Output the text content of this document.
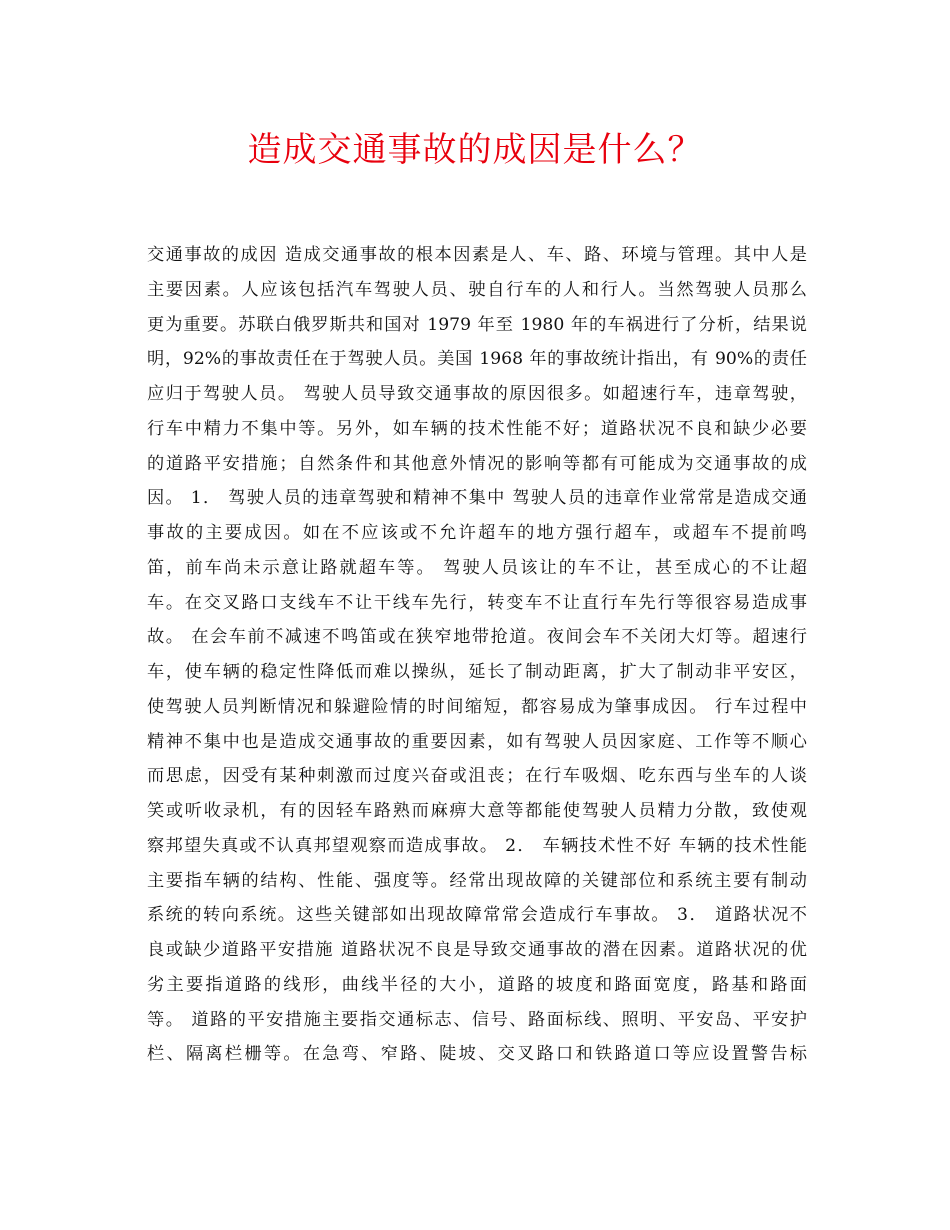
造成交通事故的成因是什么？
交通事故的成因 造成交通事故的根本因素是人、车、路、环境与管理。其中人是
主要因素。人应该包括汽车驾驶人员、驶自行车的人和行人。当然驾驶人员那么
更为重要。苏联白俄罗斯共和国对 1979 年至 1980 年的车祸进行了分析，结果说
明，92%的事故责任在于驾驶人员。美国 1968 年的事故统计指出，有 90%的责任
应归于驾驶人员。 驾驶人员导致交通事故的原因很多。如超速行车，违章驾驶，
行车中精力不集中等。另外，如车辆的技术性能不好；道路状况不良和缺少必要
的道路平安措施；自然条件和其他意外情况的影响等都有可能成为交通事故的成
因。 1． 驾驶人员的违章驾驶和精神不集中 驾驶人员的违章作业常常是造成交通
事故的主要成因。如在不应该或不允许超车的地方强行超车，或超车不提前鸣
笛，前车尚未示意让路就超车等。 驾驶人员该让的车不让，甚至成心的不让超
车。在交叉路口支线车不让干线车先行，转变车不让直行车先行等很容易造成事
故。 在会车前不减速不鸣笛或在狭窄地带抢道。夜间会车不关闭大灯等。超速行
车，使车辆的稳定性降低而难以操纵，延长了制动距离，扩大了制动非平安区，
使驾驶人员判断情况和躲避险情的时间缩短，都容易成为肇事成因。 行车过程中
精神不集中也是造成交通事故的重要因素，如有驾驶人员因家庭、工作等不顺心
而思虑，因受有某种刺激而过度兴奋或沮丧；在行车吸烟、吃东西与坐车的人谈
笑或听收录机，有的因轻车路熟而麻痹大意等都能使驾驶人员精力分散，致使观
察邦望失真或不认真邦望观察而造成事故。 2． 车辆技术性不好 车辆的技术性能
主要指车辆的结构、性能、强度等。经常出现故障的关键部位和系统主要有制动
系统的转向系统。这些关键部如出现故障常常会造成行车事故。 3． 道路状况不
良或缺少道路平安措施 道路状况不良是导致交通事故的潜在因素。道路状况的优
劣主要指道路的线形，曲线半径的大小，道路的坡度和路面宽度，路基和路面
等。 道路的平安措施主要指交通标志、信号、路面标线、照明、平安岛、平安护
栏、隔离栏栅等。在急弯、窄路、陡坡、交叉路口和铁路道口等应设置警告标
